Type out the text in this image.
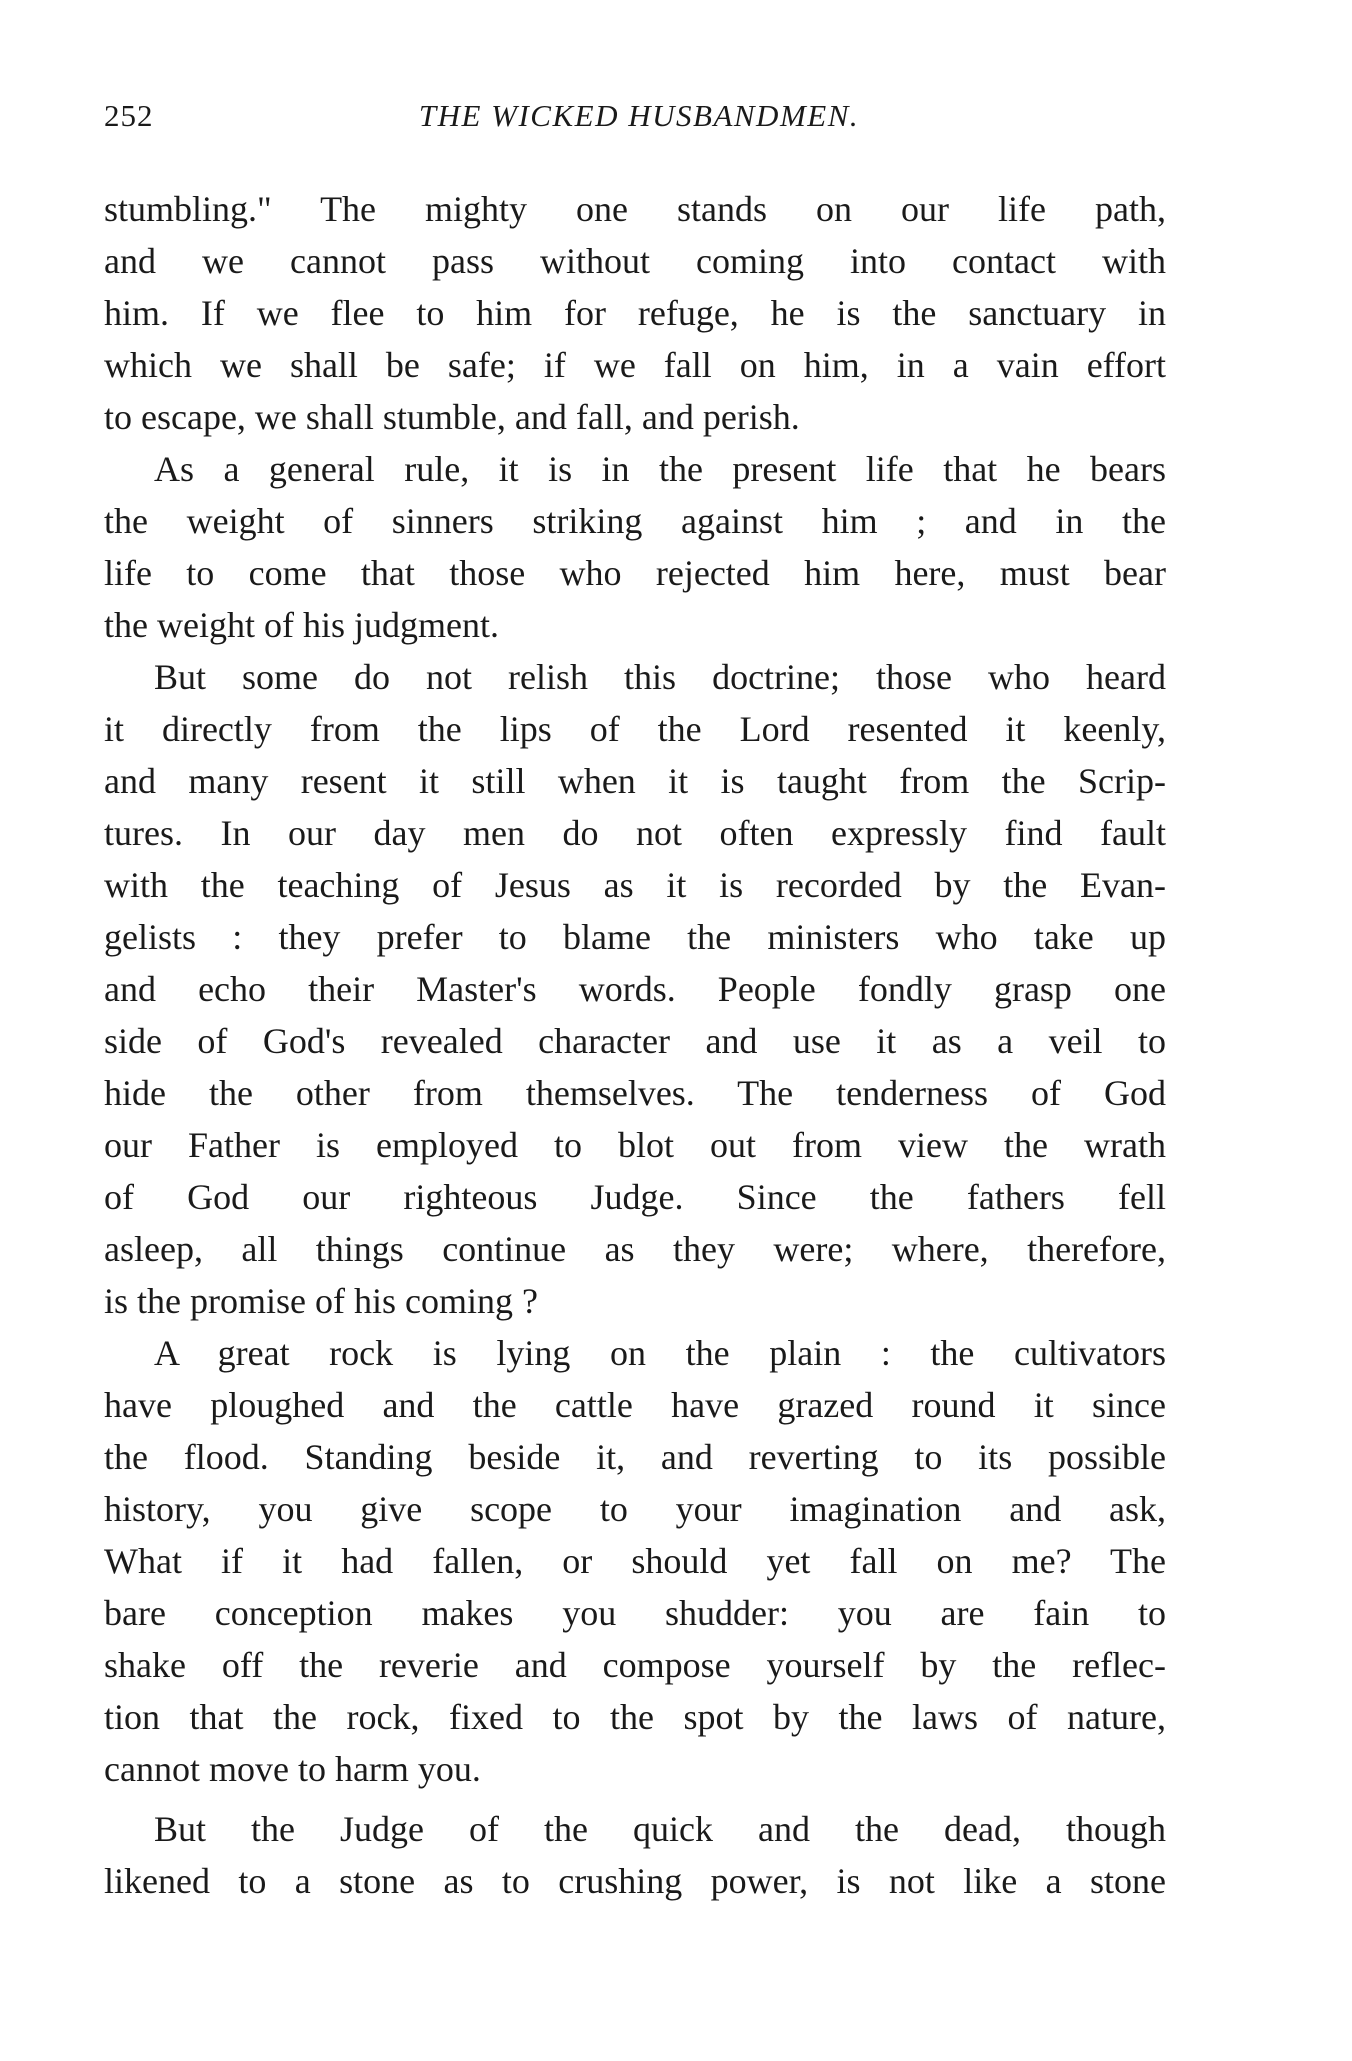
252	THE WICKED HUSBANDMEN.
stumbling." The mighty one stands on our life path,
and we cannot pass without coming into contact with
him. If we flee to him for refuge, he is the sanctuary in
which we shall be safe; if we fall on him, in a vain effort
to escape, we shall stumble, and fall, and perish.
As a general rule, it is in the present life that he bears
the weight of sinners striking against him ; and in the
life to come that those who rejected him here, must bear
the weight of his judgment.
But some do not relish this doctrine; those who heard
it directly from the lips of the Lord resented it keenly,
and many resent it still when it is taught from the Scrip-
tures. In our day men do not often expressly find fault
with the teaching of Jesus as it is recorded by the Evan-
gelists : they prefer to blame the ministers who take up
and echo their Master's words. People fondly grasp one
side of God's revealed character and use it as a veil to
hide the other from themselves. The tenderness of God
our Father is employed to blot out from view the wrath
of God our righteous Judge. Since the fathers fell
asleep, all things continue as they were; where, therefore,
is the promise of his coming ?
A great rock is lying on the plain : the cultivators
have ploughed and the cattle have grazed round it since
the flood. Standing beside it, and reverting to its possible
history, you give scope to your imagination and ask,
What if it had fallen, or should yet fall on me? The
bare conception makes you shudder: you are fain to
shake off the reverie and compose yourself by the reflec-
tion that the rock, fixed to the spot by the laws of nature,
cannot move to harm you.
But the Judge of the quick and the dead, though
likened to a stone as to crushing power, is not like a stone
